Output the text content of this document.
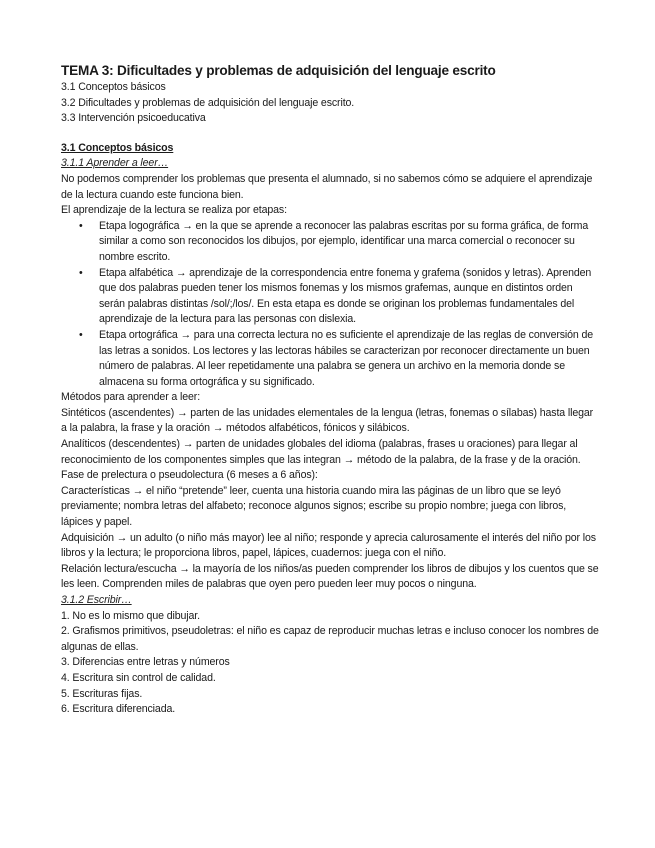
TEMA 3: Dificultades y problemas de adquisición del lenguaje escrito
3.1 Conceptos básicos
3.2 Dificultades y problemas de adquisición del lenguaje escrito.
3.3 Intervención psicoeducativa
3.1 Conceptos básicos
3.1.1 Aprender a leer…

No podemos comprender los problemas que presenta el alumnado, si no sabemos cómo se adquiere el aprendizaje de la lectura cuando este funciona bien.

El aprendizaje de la lectura se realiza por etapas:

• Etapa logográfica → en la que se aprende a reconocer las palabras escritas por su forma gráfica, de forma similar a como son reconocidos los dibujos, por ejemplo, identificar una marca comercial o reconocer su nombre escrito.
• Etapa alfabética → aprendizaje de la correspondencia entre fonema y grafema (sonidos y letras). Aprenden que dos palabras pueden tener los mismos fonemas y los mismos grafemas, aunque en distintos orden serán palabras distintas /sol/;/los/. En esta etapa es donde se originan los problemas fundamentales del aprendizaje de la lectura para las personas con dislexia.
• Etapa ortográfica → para una correcta lectura no es suficiente el aprendizaje de las reglas de conversión de las letras a sonidos. Los lectores y las lectoras hábiles se caracterizan por reconocer directamente un buen número de palabras. Al leer repetidamente una palabra se genera un archivo en la memoria donde se almacena su forma ortográfica y su significado.

Métodos para aprender a leer:

Sintéticos (ascendentes) → parten de las unidades elementales de la lengua (letras, fonemas o sílabas) hasta llegar a la palabra, la frase y la oración → métodos alfabéticos, fónicos y silábicos.

Analíticos (descendentes) → parten de unidades globales del idioma (palabras, frases u oraciones) para llegar al reconocimiento de los componentes simples que las integran → método de la palabra, de la frase y de la oración.

Fase de prelectura o pseudolectura (6 meses a 6 años):

Características → el niño “pretende” leer, cuenta una historia cuando mira las páginas de un libro que se leyó previamente; nombra letras del alfabeto; reconoce algunos signos; escribe su propio nombre; juega con libros, lápices y papel.

Adquisición → un adulto (o niño más mayor) lee al niño; responde y aprecia calurosamente el interés del niño por los libros y la lectura; le proporciona libros, papel, lápices, cuadernos: juega con el niño.

Relación lectura/escucha → la mayoría de los niños/as pueden comprender los libros de dibujos y los cuentos que se les leen. Comprenden miles de palabras que oyen pero pueden leer muy pocos o ninguna.

3.1.2 Escribir…
1. No es lo mismo que dibujar.
2. Grafismos primitivos, pseudoletras: el niño es capaz de reproducir muchas letras e incluso conocer los nombres de algunas de ellas.
3. Diferencias entre letras y números
4. Escritura sin control de calidad.
5. Escrituras fijas.
6. Escritura diferenciada.
